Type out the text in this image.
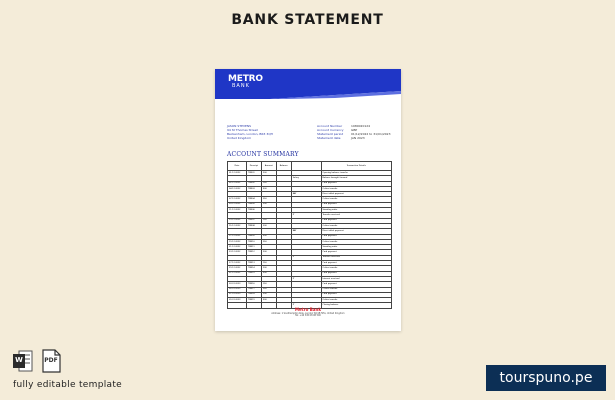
BANK STATEMENT
METRO
BANK
JASON STEVENS
94 St Thomas Street
Beckenham, London, BR3 3QH
United Kingdom
Account Number	1980020124
Account Currency	GBP
Statement period	01/12/2022 to 31/01/2023
Statement date	JAN 2023
ACCOUNT SUMMARY
Date	Descript	Amount	Balance		Transaction Details
01.12.2022	TRN01	200			Opening balance transfer
				Salary	Balance brought forward
02.12.2022	TRN02	150			Card payment
04.12.2022	TRN03	300			Online transfer
				BAT	Direct debit payment
07.12.2022	TRN04	250			Online transfer
09.12.2022	TRN05	200			Card payment
11.12.2022	TRN06				Standing order
				IT	Transfer received
13.12.2022	TRN07	150			Card payment
15.12.2022	TRN08	200			Online transfer
				BAT	Direct debit payment
17.12.2022	TRN09	300			Card payment
19.12.2022	TRN10	250			Online transfer
21.12.2022	TRN11				Standing order
23.12.2022	TRN12	200			Card payment
				IT	Transfer received
27.12.2022	TRN13	150			Card payment
29.12.2022	TRN14	200			Online transfer
31.12.2022	TRN15	300			Card payment
				IT	Interest received
03.01.2023	TRN16	150			Card payment
05.01.2023	TRN17	250			Online transfer
07.01.2023	TRN18	200			Card payment
09.01.2023	TRN19	300			Online transfer
				IT	Closing balance
Metro Bank
Address: 1 Southampton Row, London WC1B 5HA, United Kingdom
Tel: +44 345 08 08 500
W	PDF
fully editable template	tourspuno.pe
